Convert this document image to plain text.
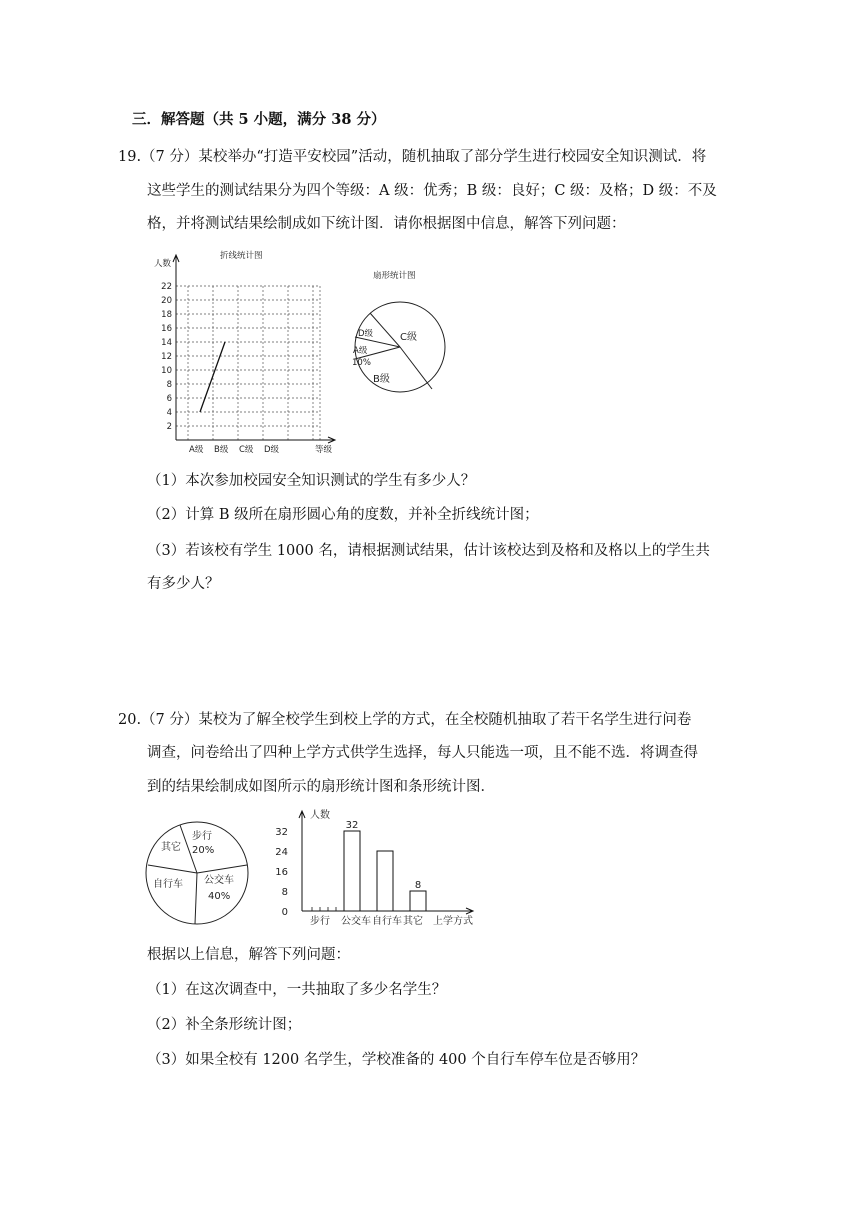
三．解答题（共 5 小题，满分 38 分）
19.（7 分）某校举办“打造平安校园”活动，随机抽取了部分学生进行校园安全知识测试．将
这些学生的测试结果分为四个等级：A 级：优秀；B 级：良好；C 级：及格；D 级：不及
格，并将测试结果绘制成如下统计图．请你根据图中信息，解答下列问题：
折线统计图
人数
等级
2
4
6
8
10
12
14
16
18
20
22
A级 B级 C级 D级
扇形统计图
C级
D级
A级
10%
B级
（1）本次参加校园安全知识测试的学生有多少人？
（2）计算 B 级所在扇形圆心角的度数，并补全折线统计图；
（3）若该校有学生 1000 名，请根据测试结果，估计该校达到及格和及格以上的学生共
有多少人？
20.（7 分）某校为了解全校学生到校上学的方式，在全校随机抽取了若干名学生进行问卷
调查，问卷给出了四种上学方式供学生选择，每人只能选一项，且不能不选．将调查得
到的结果绘制成如图所示的扇形统计图和条形统计图．
步行
20%
其它
自行车 公交车
40%
人数
上学方式
0
8
16
24
32
步行 公交车 自行车 其它
32
8
根据以上信息，解答下列问题：
（1）在这次调查中，一共抽取了多少名学生？
（2）补全条形统计图；
（3）如果全校有 1200 名学生，学校准备的 400 个自行车停车位是否够用？
